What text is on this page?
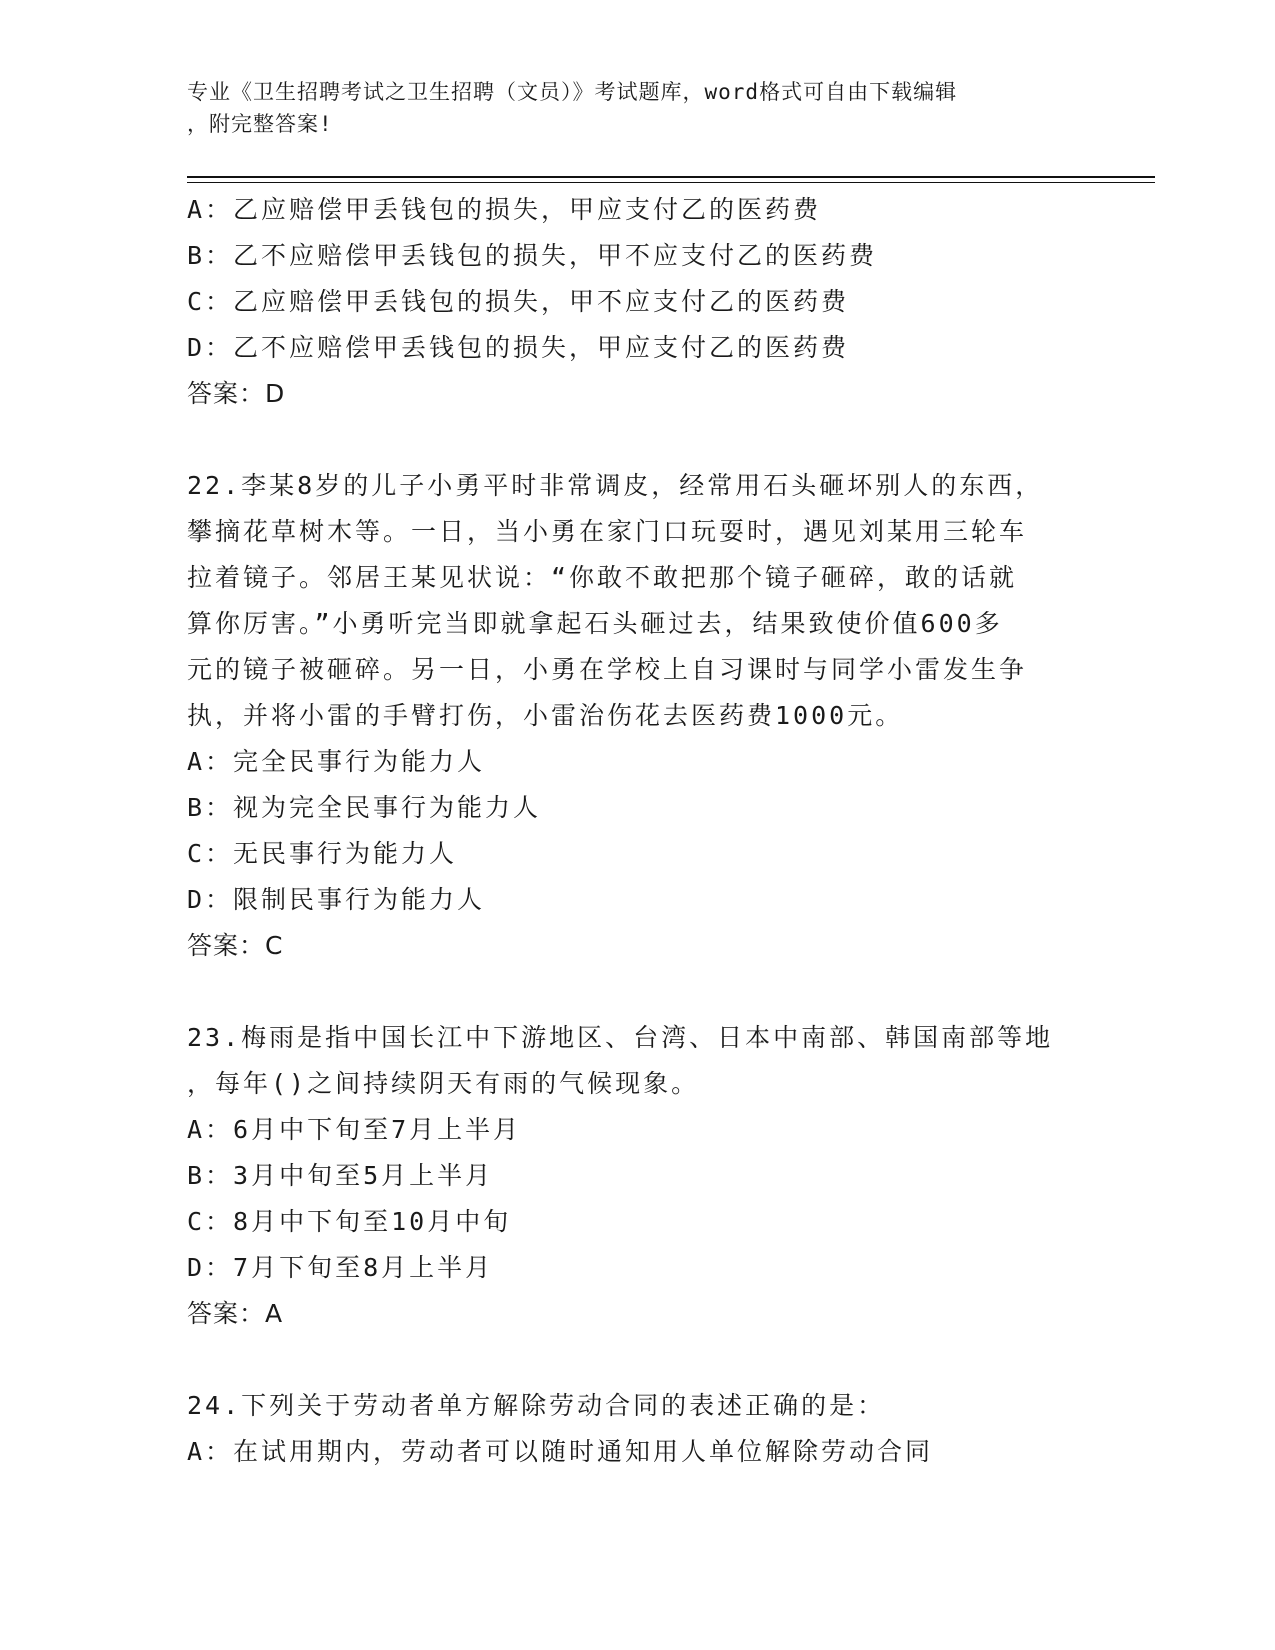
专业《卫生招聘考试之卫生招聘（文员）》考试题库，word格式可自由下载编辑
，附完整答案!
A：乙应赔偿甲丢钱包的损失，甲应支付乙的医药费
B：乙不应赔偿甲丢钱包的损失，甲不应支付乙的医药费
C：乙应赔偿甲丢钱包的损失，甲不应支付乙的医药费
D：乙不应赔偿甲丢钱包的损失，甲应支付乙的医药费
答案：D
22.李某8岁的儿子小勇平时非常调皮，经常用石头砸坏别人的东西，
攀摘花草树木等。一日，当小勇在家门口玩耍时，遇见刘某用三轮车
拉着镜子。邻居王某见状说：“你敢不敢把那个镜子砸碎，敢的话就
算你厉害。”小勇听完当即就拿起石头砸过去，结果致使价值600多
元的镜子被砸碎。另一日，小勇在学校上自习课时与同学小雷发生争
执，并将小雷的手臂打伤，小雷治伤花去医药费1000元。
A：完全民事行为能力人
B：视为完全民事行为能力人
C：无民事行为能力人
D：限制民事行为能力人
答案：C
23.梅雨是指中国长江中下游地区、台湾、日本中南部、韩国南部等地
，每年()之间持续阴天有雨的气候现象。
A：6月中下旬至7月上半月
B：3月中旬至5月上半月
C：8月中下旬至10月中旬
D：7月下旬至8月上半月
答案：A
24.下列关于劳动者单方解除劳动合同的表述正确的是：
A：在试用期内，劳动者可以随时通知用人单位解除劳动合同
